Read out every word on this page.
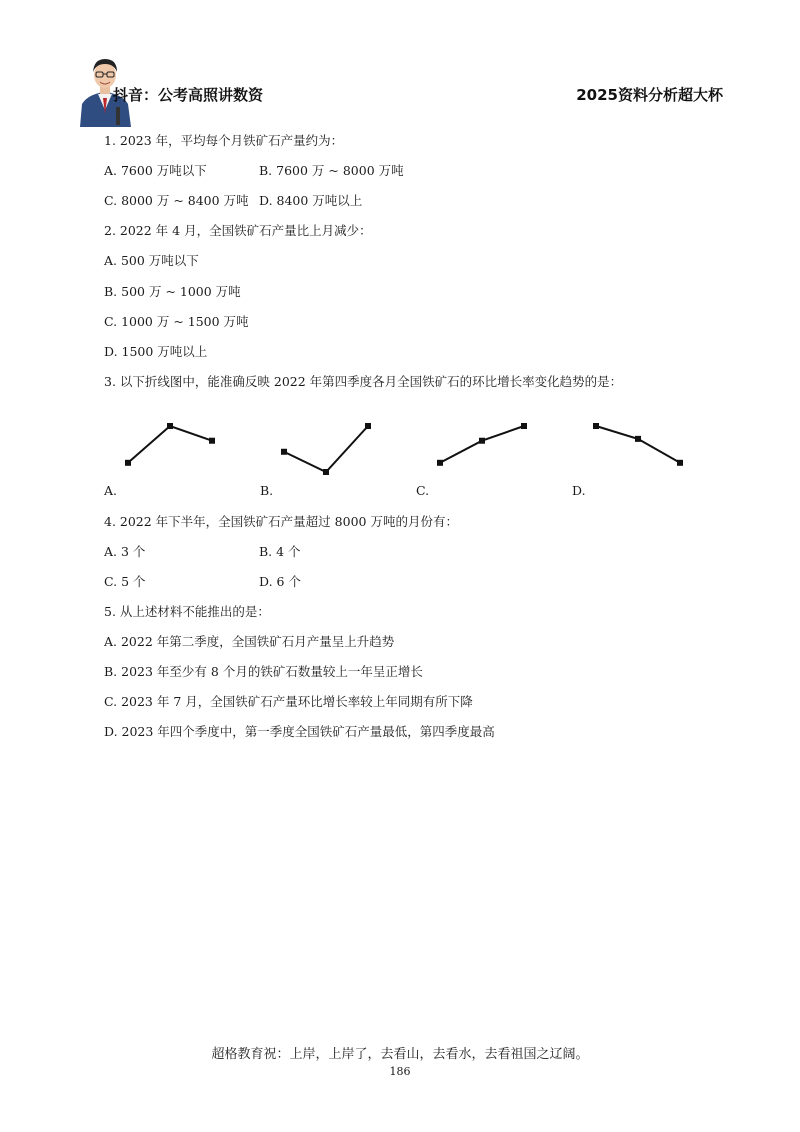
抖音：公考高照讲数资	2025资料分析超大杯
1. 2023 年，平均每个月铁矿石产量约为：
A. 7600 万吨以下	B. 7600 万 ~ 8000 万吨
C. 8000 万 ~ 8400 万吨 D. 8400 万吨以上
2. 2022 年 4 月，全国铁矿石产量比上月减少：
A. 500 万吨以下
B. 500 万 ~ 1000 万吨
C. 1000 万 ~ 1500 万吨
D. 1500 万吨以上
3. 以下折线图中，能准确反映 2022 年第四季度各月全国铁矿石的环比增长率变化趋势的是：
A.	B.	C.	D.
4. 2022 年下半年，全国铁矿石产量超过 8000 万吨的月份有：
A. 3 个	B. 4 个
C. 5 个	D. 6 个
5. 从上述材料不能推出的是：
A. 2022 年第二季度，全国铁矿石月产量呈上升趋势
B. 2023 年至少有 8 个月的铁矿石数量较上一年呈正增长
C. 2023 年 7 月，全国铁矿石产量环比增长率较上年同期有所下降
D. 2023 年四个季度中，第一季度全国铁矿石产量最低，第四季度最高
超格教育祝：上岸，上岸了，去看山，去看水，去看祖国之辽阔。
186
